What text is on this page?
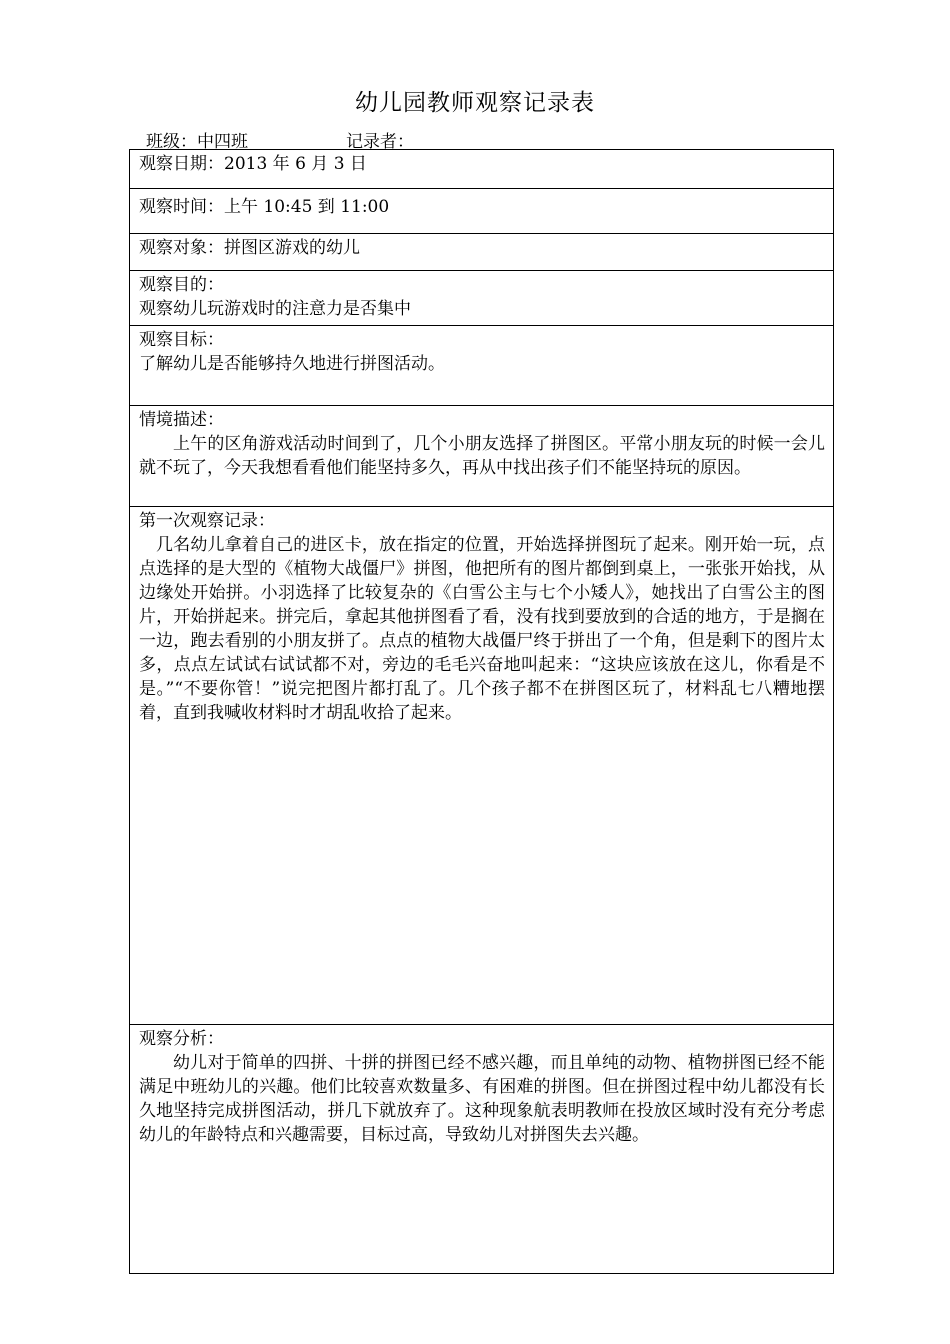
幼儿园教师观察记录表
班级：中四班	记录者：
观察日期：2013 年 6 月 3 日
观察时间：上午 10:45 到 11:00
观察对象：拼图区游戏的幼儿

观察目的：

观察幼儿玩游戏时的注意力是否集中

观察目标：

了解幼儿是否能够持久地进行拼图活动。

情境描述：

上午的区角游戏活动时间到了，几个小朋友选择了拼图区。平常小朋友玩的时候一会儿就不玩了，今天我想看看他们能坚持多久，再从中找出孩子们不能坚持玩的原因。

第一次观察记录：

几名幼儿拿着自己的进区卡，放在指定的位置，开始选择拼图玩了起来。刚开始一玩，点点选择的是大型的《植物大战僵尸》拼图，他把所有的图片都倒到桌上，一张张开始找，从边缘处开始拼。小羽选择了比较复杂的《白雪公主与七个小矮人》，她找出了白雪公主的图片，开始拼起来。拼完后，拿起其他拼图看了看，没有找到要放到的合适的地方，于是搁在一边，跑去看别的小朋友拼了。点点的植物大战僵尸终于拼出了一个角，但是剩下的图片太多，点点左试试右试试都不对，旁边的毛毛兴奋地叫起来：“这块应该放在这儿，你看是不是。”“不要你管！”说完把图片都打乱了。几个孩子都不在拼图区玩了，材料乱七八糟地摆着，直到我喊收材料时才胡乱收拾了起来。

观察分析：

幼儿对于简单的四拼、十拼的拼图已经不感兴趣，而且单纯的动物、植物拼图已经不能满足中班幼儿的兴趣。他们比较喜欢数量多、有困难的拼图。但在拼图过程中幼儿都没有长久地坚持完成拼图活动，拼几下就放弃了。这种现象航表明教师在投放区域时没有充分考虑幼儿的年龄特点和兴趣需要，目标过高，导致幼儿对拼图失去兴趣。
